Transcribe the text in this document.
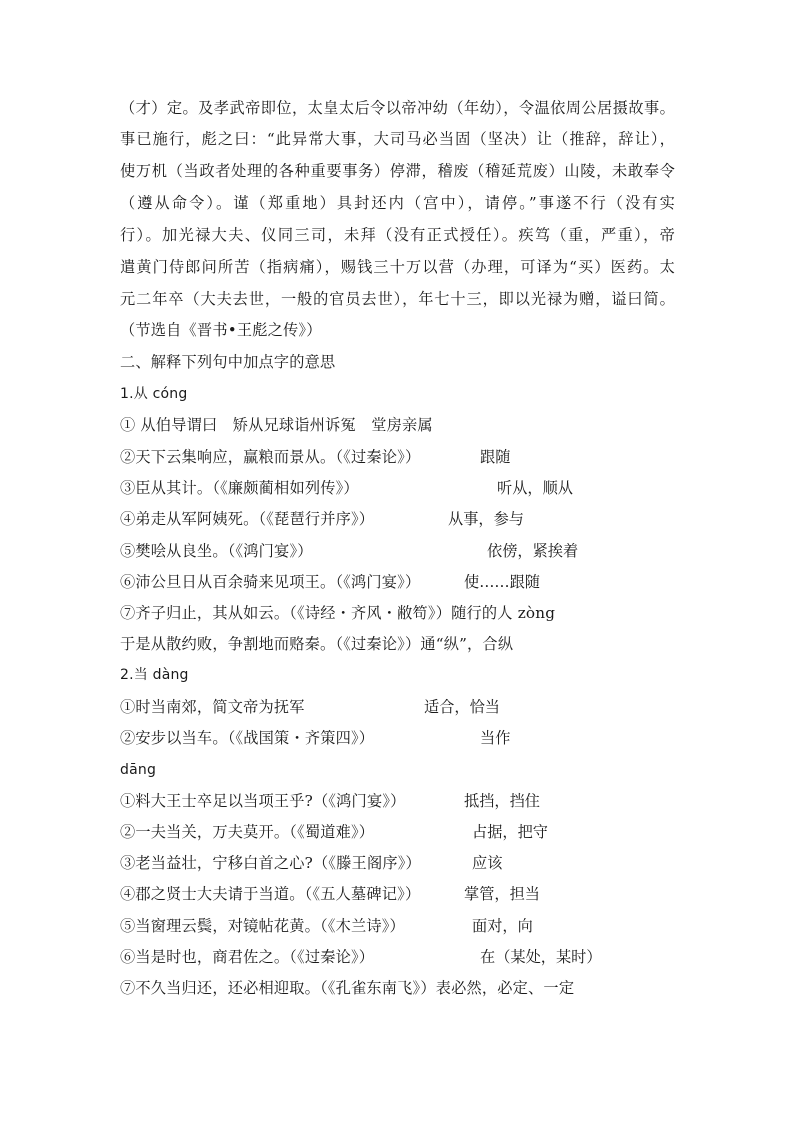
（才）定。及孝武帝即位，太皇太后令以帝冲幼（年幼），令温依周公居摄故事。
事已施行，彪之曰：“此异常大事，大司马必当固（坚决）让（推辞，辞让），
使万机（当政者处理的各种重要事务）停滞，稽废（稽延荒废）山陵，未敢奉令
（遵从命令）。谨（郑重地）具封还内（宫中），请停。”事遂不行（没有实
行）。加光禄大夫、仪同三司，未拜（没有正式授任）。疾笃（重，严重），帝
遣黄门侍郎问所苦（指病痛），赐钱三十万以营（办理，可译为“买）医药。太
元二年卒（大夫去世，一般的官员去世），年七十三，即以光禄为赠，谥曰简。
（节选自《晋书•王彪之传》）
二、解释下列句中加点字的意思
1.从 cóng
① 从伯导谓曰　矫从兄球诣州诉冤　堂房亲属
②天下云集响应，赢粮而景从。（《过秦论》）	跟随
③臣从其计。（《廉颇蔺相如列传》）	听从，顺从
④弟走从军阿姨死。（《琵琶行并序》）	从事，参与
⑤樊哙从良坐。（《鸿门宴》）	依傍，紧挨着
⑥沛公旦日从百余骑来见项王。（《鸿门宴》）	使……跟随
⑦齐子归止，其从如云。（《诗经・齐风・敝笱》）随行的人 zòng
于是从散约败，争割地而赂秦。（《过秦论》）通“纵”，合纵
2.当 dàng
①时当南郊，简文帝为抚军	适合，恰当
②安步以当车。（《战国策・齐策四》）	当作
dāng
①料大王士卒足以当项王乎?（《鸿门宴》）	抵挡，挡住
②一夫当关，万夫莫开。（《蜀道难》）	占据，把守
③老当益壮，宁移白首之心?（《滕王阁序》）	应该
④郡之贤士大夫请于当道。（《五人墓碑记》）	掌管，担当
⑤当窗理云鬓，对镜帖花黄。（《木兰诗》）	面对，向
⑥当是时也，商君佐之。（《过秦论》）	在（某处，某时）
⑦不久当归还，还必相迎取。（《孔雀东南飞》）表必然，必定、一定
